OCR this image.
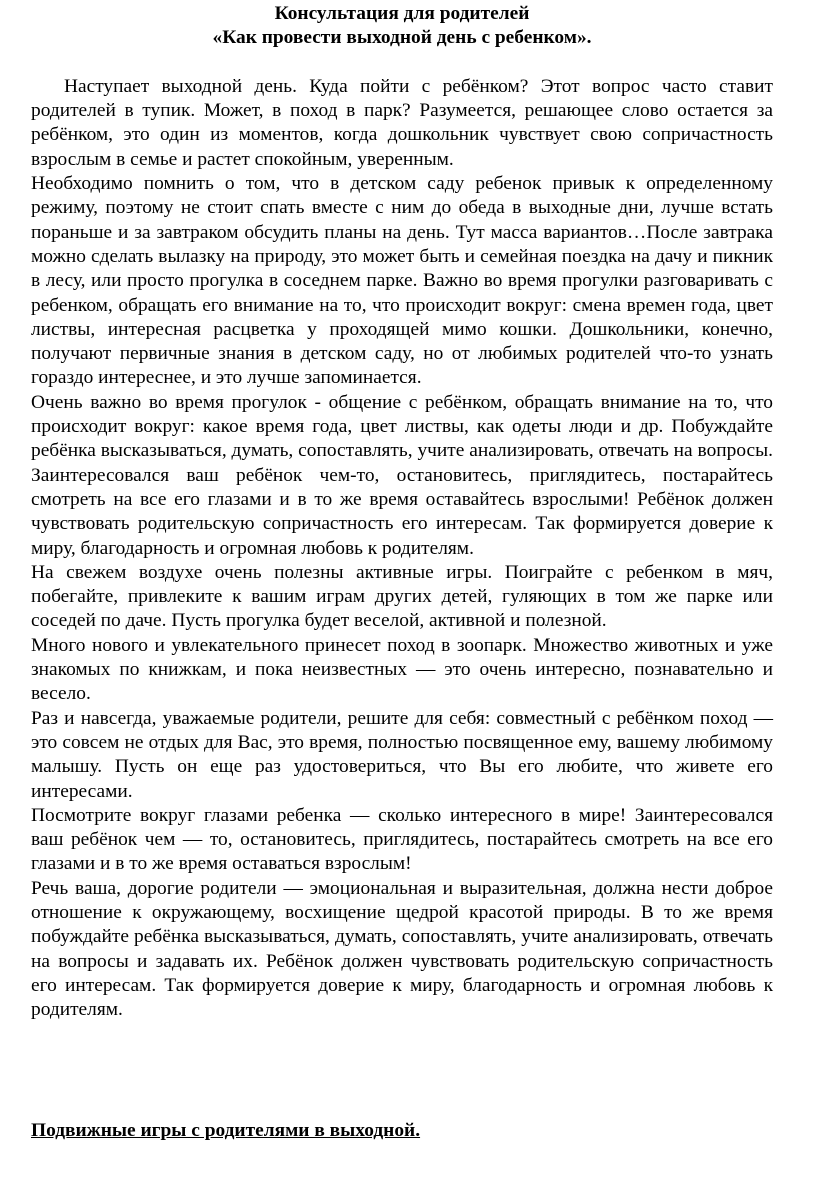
Консультация для родителей

«Как провести выходной день с ребенком».

Наступает выходной день. Куда пойти с ребёнком? Этот вопрос часто ставит родителей в тупик. Может, в поход в парк? Разумеется, решающее слово остается за ребёнком, это один из моментов, когда дошкольник чувствует свою сопричастность взрослым в семье и растет спокойным, уверенным.

Необходимо помнить о том, что в детском саду ребенок привык к определенному режиму, поэтому не стоит спать вместе с ним до обеда в выходные дни, лучше встать пораньше и за завтраком обсудить планы на день. Тут масса вариантов…После завтрака можно сделать вылазку на природу, это может быть и семейная поездка на дачу и пикник в лесу, или просто прогулка в соседнем парке. Важно во время прогулки разговаривать с ребенком, обращать его внимание на то, что происходит вокруг: смена времен года, цвет листвы, интересная расцветка у проходящей мимо кошки. Дошкольники, конечно, получают первичные знания в детском саду, но от любимых родителей что-то узнать гораздо интереснее, и это лучше запоминается.

Очень важно во время прогулок - общение с ребёнком, обращать внимание на то, что происходит вокруг: какое время года, цвет листвы, как одеты люди и др. Побуждайте ребёнка высказываться, думать, сопоставлять, учите анализировать, отвечать на вопросы. Заинтересовался ваш ребёнок чем-то, остановитесь, приглядитесь, постарайтесь смотреть на все его глазами и в то же время оставайтесь взрослыми! Ребёнок должен чувствовать родительскую сопричастность его интересам. Так формируется доверие к миру, благодарность и огромная любовь к родителям.

На свежем воздухе очень полезны активные игры. Поиграйте с ребенком в мяч, побегайте, привлеките к вашим играм других детей, гуляющих в том же парке или соседей по даче. Пусть прогулка будет веселой, активной и полезной.

Много нового и увлекательного принесет поход в зоопарк. Множество животных и уже знакомых по книжкам, и пока неизвестных — это очень интересно, познавательно и весело.

Раз и навсегда, уважаемые родители, решите для себя: совместный с ребёнком поход — это совсем не отдых для Вас, это время, полностью посвященное ему, вашему любимому малышу. Пусть он еще раз удостовериться, что Вы его любите, что живете его интересами.

Посмотрите вокруг глазами ребенка — сколько интересного в мире! Заинтересовался ваш ребёнок чем — то, остановитесь, приглядитесь, постарайтесь смотреть на все его глазами и в то же время оставаться взрослым!

Речь ваша, дорогие родители — эмоциональная и выразительная, должна нести доброе отношение к окружающему, восхищение щедрой красотой природы. В то же время побуждайте ребёнка высказываться, думать, сопоставлять, учите анализировать, отвечать на вопросы и задавать их. Ребёнок должен чувствовать родительскую сопричастность его интересам. Так формируется доверие к миру, благодарность и огромная любовь к родителям.

Подвижные игры с родителями в выходной.
